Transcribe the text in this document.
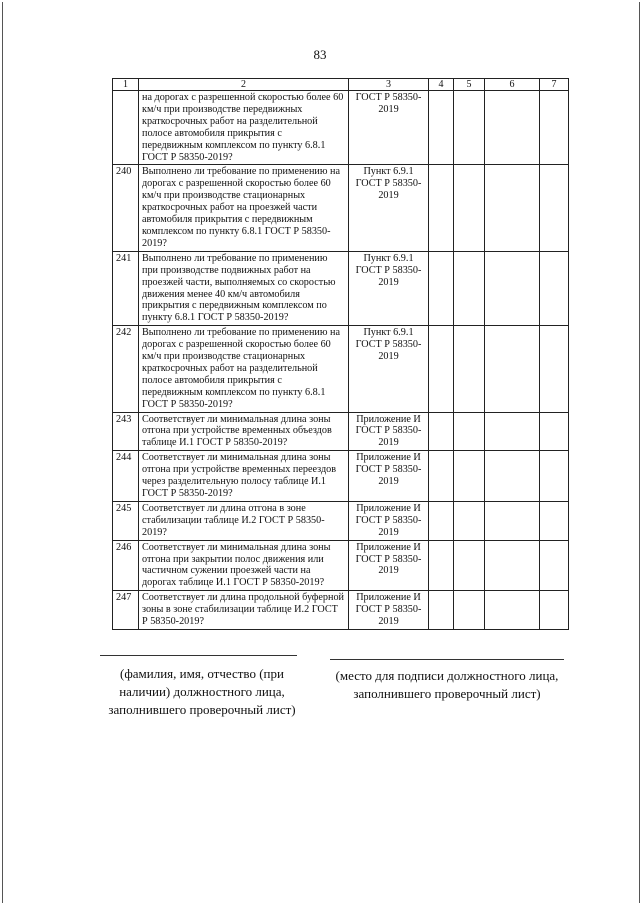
83
1	2	3	4	5	6	7
	на дорогах с разрешенной скоростью более 60 км/ч при производстве передвижных краткосрочных работ на разделительной полосе автомобиля прикрытия с передвижным комплексом по пункту 6.8.1 ГОСТ Р 58350-2019?	ГОСТ Р 58350-2019				
240	Выполнено ли требование по применению на дорогах с разрешенной скоростью более 60 км/ч при производстве стационарных краткосрочных работ на проезжей части автомобиля прикрытия с передвижным комплексом по пункту 6.8.1 ГОСТ Р 58350-2019?	Пункт 6.9.1 ГОСТ Р 58350-2019				
241	Выполнено ли требование по применению при производстве подвижных работ на проезжей части, выполняемых со скоростью движения менее 40 км/ч автомобиля прикрытия с передвижным комплексом по пункту 6.8.1 ГОСТ Р 58350-2019?	Пункт 6.9.1 ГОСТ Р 58350-2019				
242	Выполнено ли требование по применению на дорогах с разрешенной скоростью более 60 км/ч при производстве стационарных краткосрочных работ на разделительной полосе автомобиля прикрытия с передвижным комплексом по пункту 6.8.1 ГОСТ Р 58350-2019?	Пункт 6.9.1 ГОСТ Р 58350-2019				
243	Соответствует ли минимальная длина зоны отгона при устройстве временных объездов таблице И.1 ГОСТ Р 58350-2019?	Приложение И ГОСТ Р 58350-2019				
244	Соответствует ли минимальная длина зоны отгона при устройстве временных переездов через разделительную полосу таблице И.1 ГОСТ Р 58350-2019?	Приложение И ГОСТ Р 58350-2019				
245	Соответствует ли длина отгона в зоне стабилизации таблице И.2 ГОСТ Р 58350-2019?	Приложение И ГОСТ Р 58350-2019				
246	Соответствует ли минимальная длина зоны отгона при закрытии полос движения или частичном сужении проезжей части на дорогах таблице И.1 ГОСТ Р 58350-2019?	Приложение И ГОСТ Р 58350-2019				
247	Соответствует ли длина продольной буферной зоны в зоне стабилизации таблице И.2 ГОСТ Р 58350-2019?	Приложение И ГОСТ Р 58350-2019				
(фамилия, имя, отчество (при наличии) должностного лица, заполнившего проверочный лист)
(место для подписи должностного лица, заполнившего проверочный лист)
